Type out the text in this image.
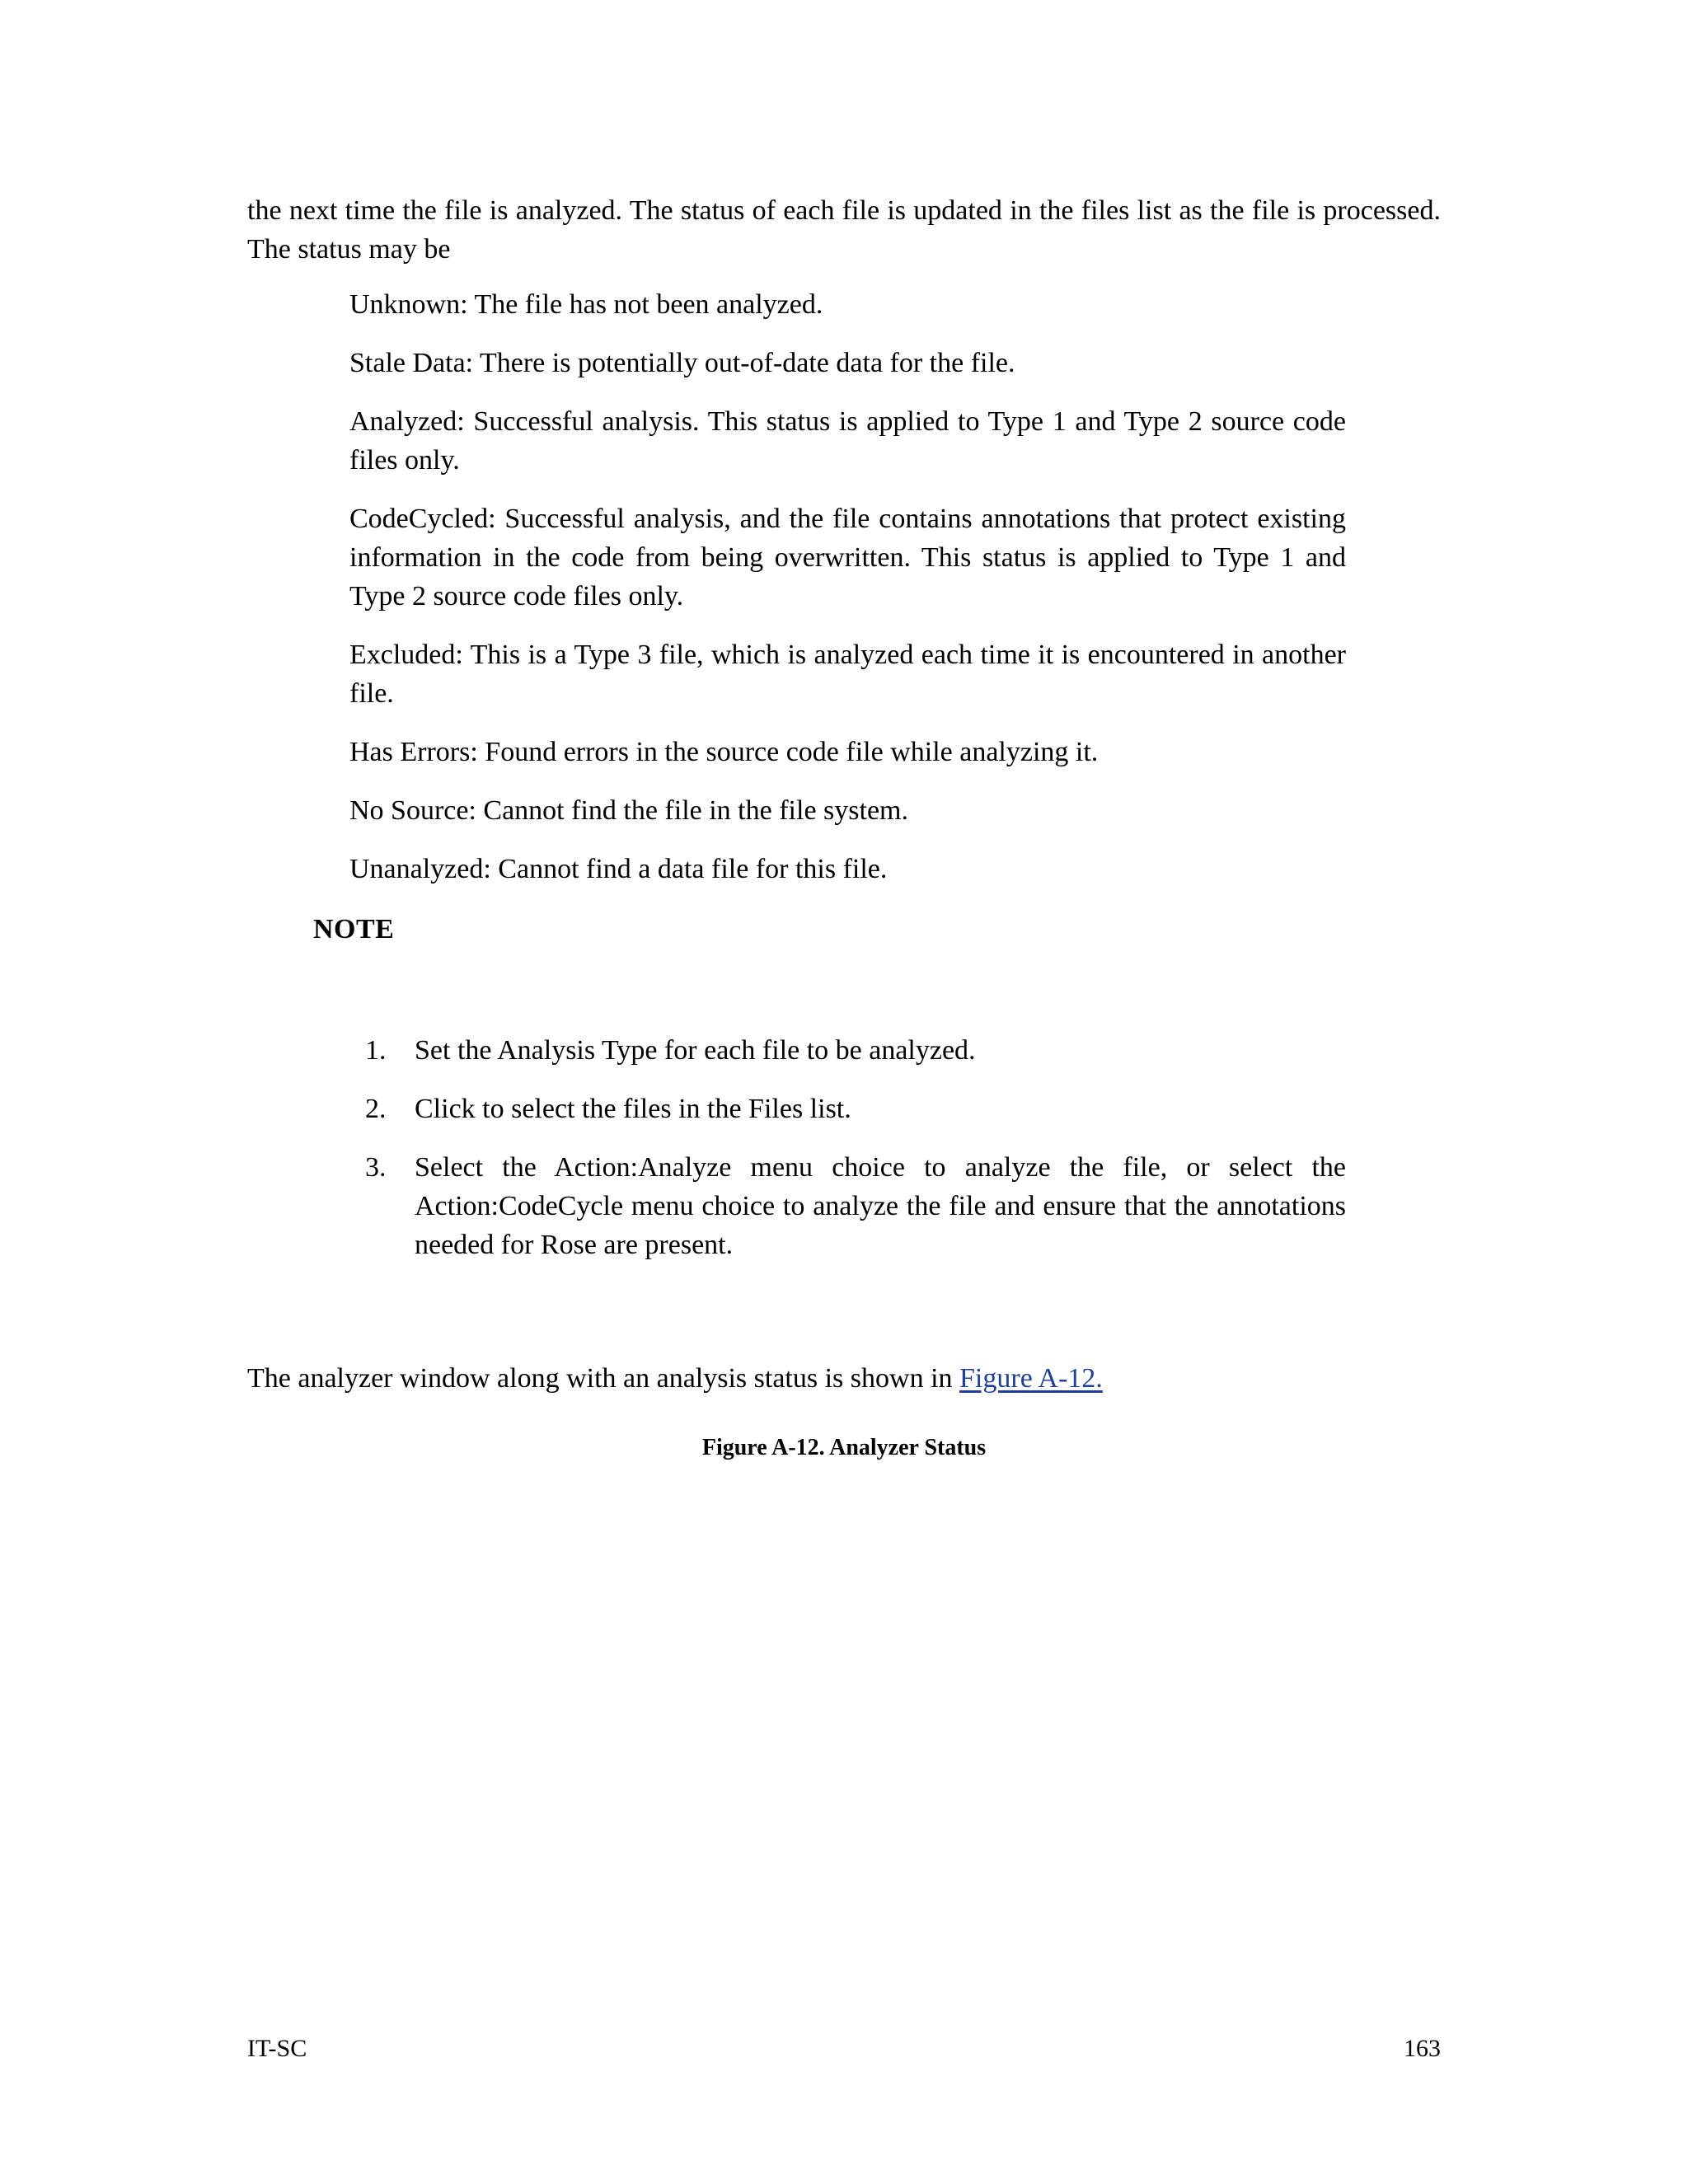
the next time the file is analyzed. The status of each file is updated in the files list as the file is processed. The status may be

Unknown: The file has not been analyzed.

Stale Data: There is potentially out-of-date data for the file.

Analyzed: Successful analysis. This status is applied to Type 1 and Type 2 source code files only.

CodeCycled: Successful analysis, and the file contains annotations that protect existing information in the code from being overwritten. This status is applied to Type 1 and Type 2 source code files only.

Excluded: This is a Type 3 file, which is analyzed each time it is encountered in another file.

Has Errors: Found errors in the source code file while analyzing it.

No Source: Cannot find the file in the file system.

Unanalyzed: Cannot find a data file for this file.

NOTE

1.	Set the Analysis Type for each file to be analyzed.

2.	Click to select the files in the Files list.

3.	Select the Action:Analyze menu choice to analyze the file, or select the Action:CodeCycle menu choice to analyze the file and ensure that the annotations needed for Rose are present.

The analyzer window along with an analysis status is shown in Figure A-12.

Figure A-12. Analyzer Status

IT-SC	163
